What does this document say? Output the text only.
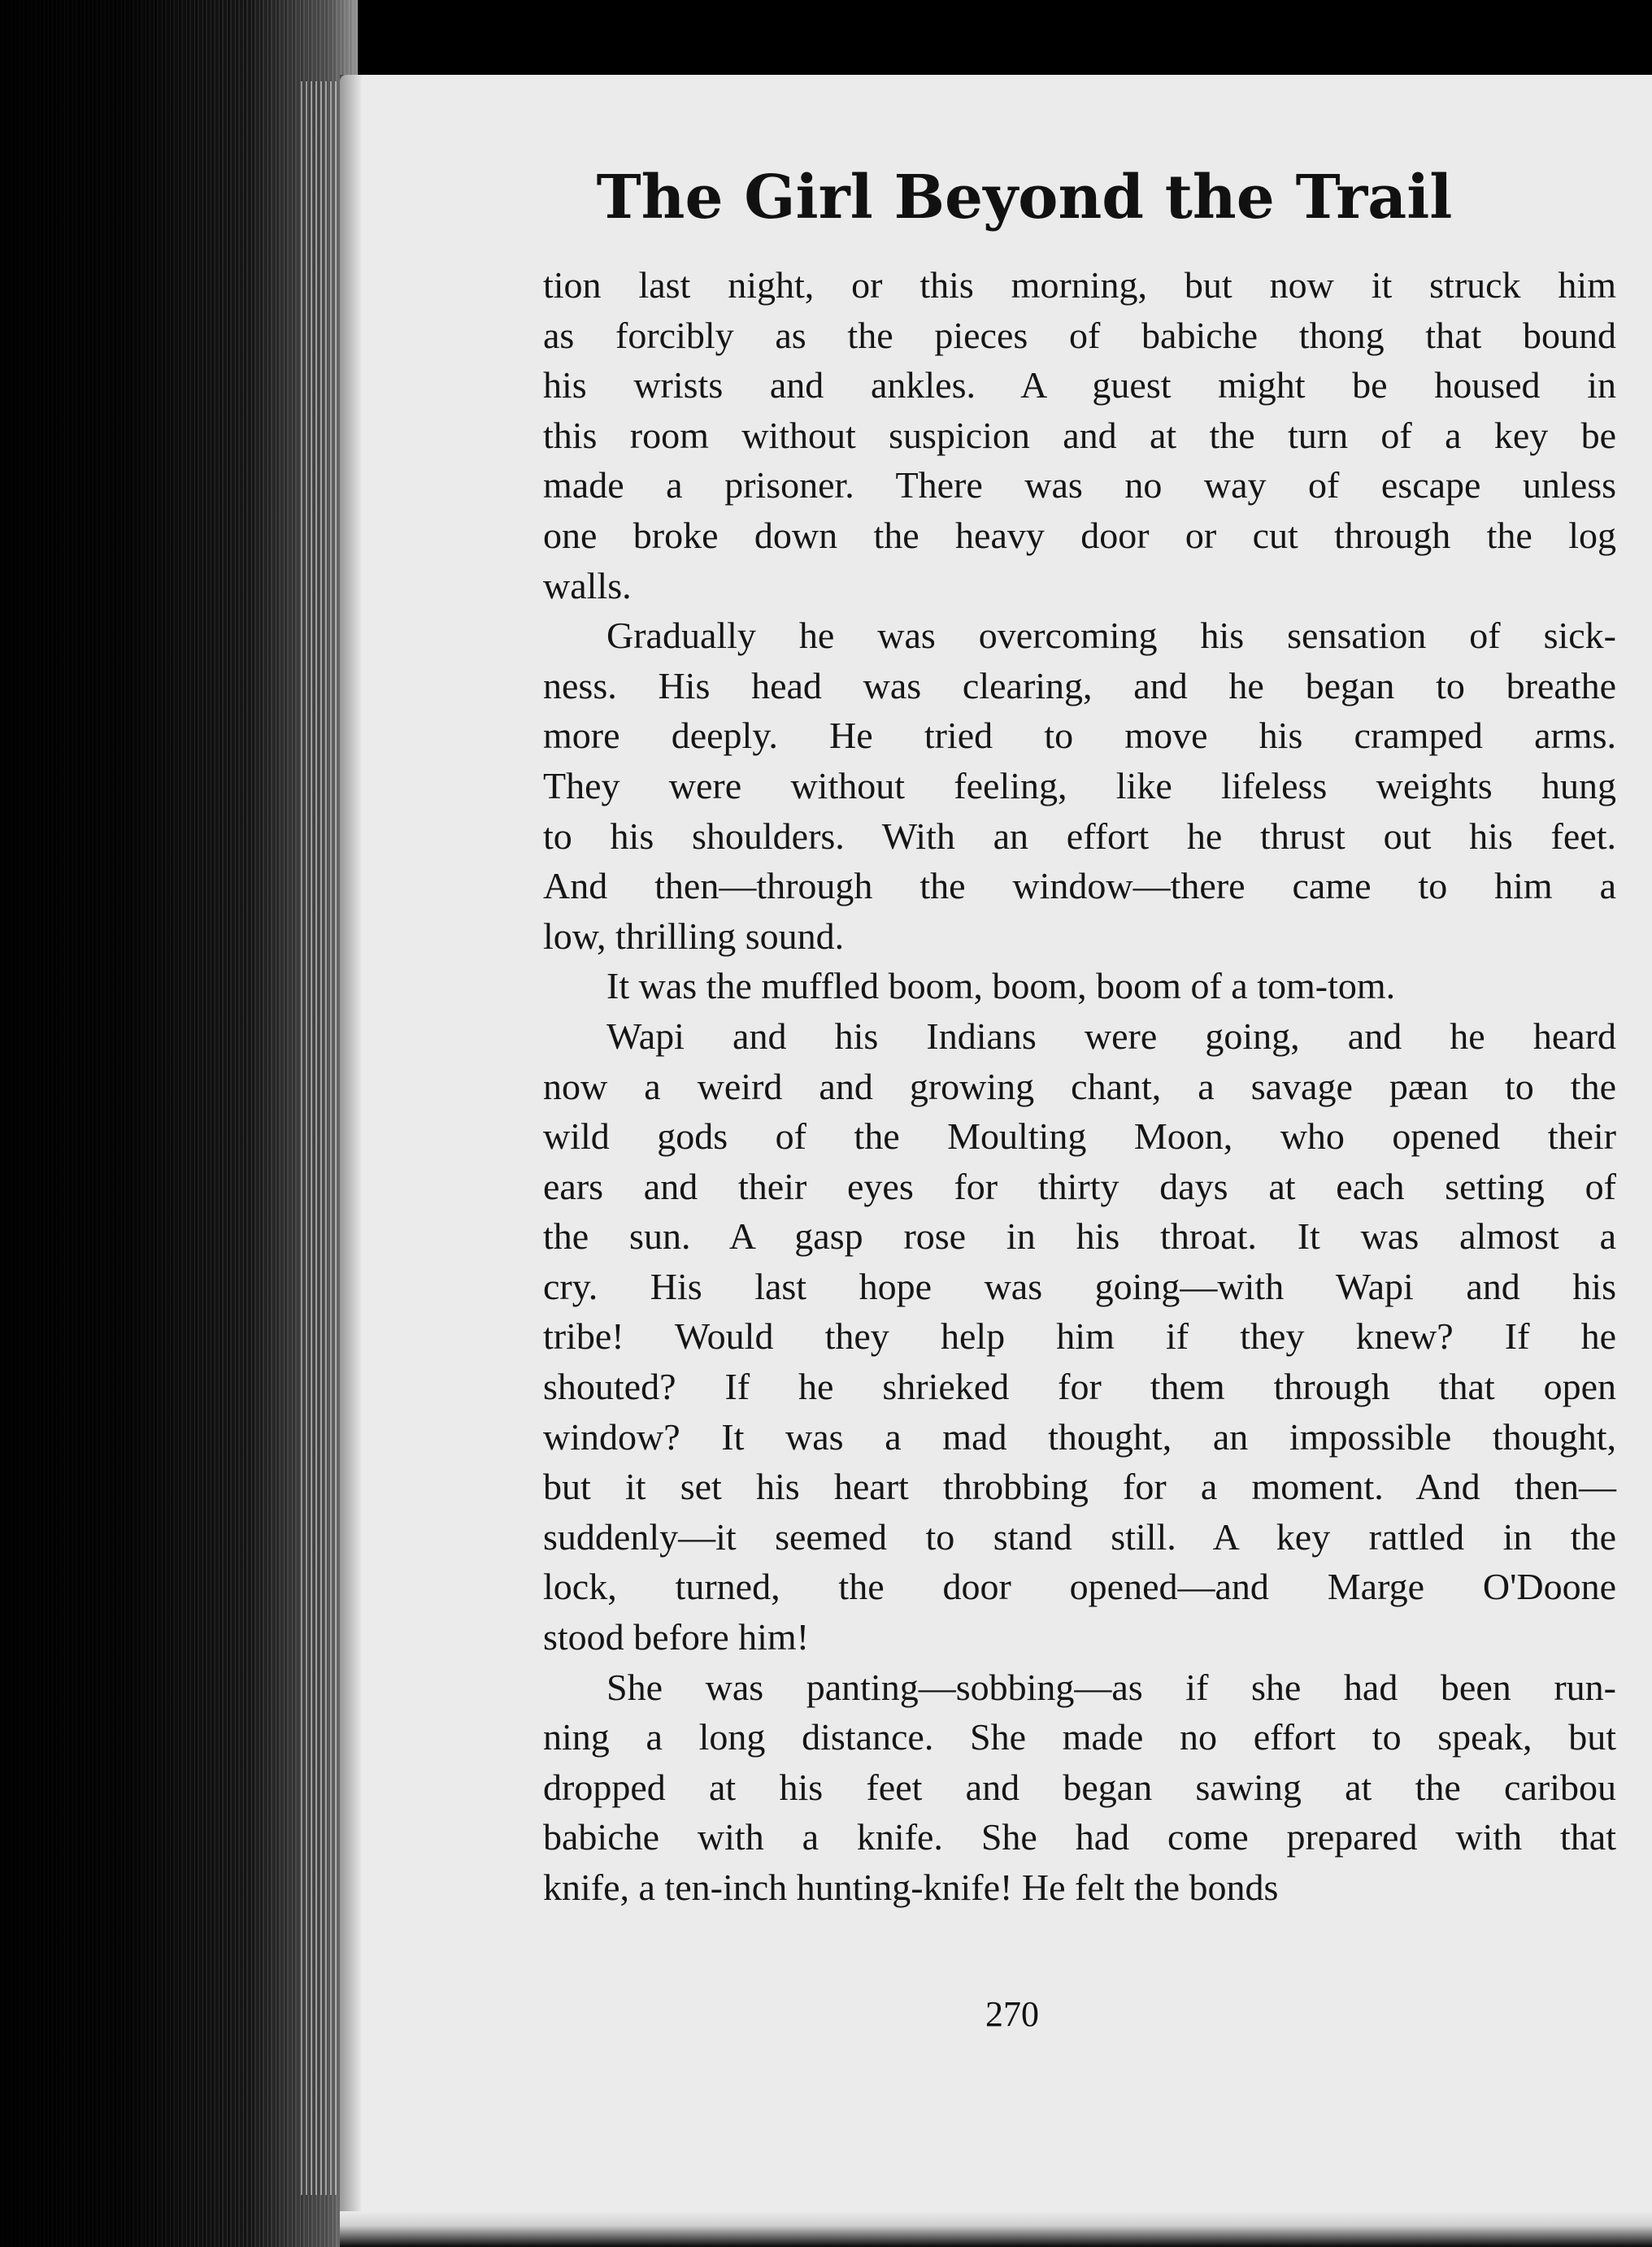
The Girl Beyond the Trail

tion last night, or this morning, but now it struck him
as forcibly as the pieces of babiche thong that bound
his wrists and ankles. A guest might be housed in
this room without suspicion and at the turn of a key be
made a prisoner. There was no way of escape unless
one broke down the heavy door or cut through the log
walls.

Gradually he was overcoming his sensation of sick-
ness. His head was clearing, and he began to breathe
more deeply. He tried to move his cramped arms.
They were without feeling, like lifeless weights hung
to his shoulders. With an effort he thrust out his feet.
And then—through the window—there came to him a
low, thrilling sound.

It was the muffled boom, boom, boom of a tom-tom.

Wapi and his Indians were going, and he heard
now a weird and growing chant, a savage pæan to the
wild gods of the Moulting Moon, who opened their
ears and their eyes for thirty days at each setting of
the sun. A gasp rose in his throat. It was almost a
cry. His last hope was going—with Wapi and his
tribe! Would they help him if they knew? If he
shouted? If he shrieked for them through that open
window? It was a mad thought, an impossible thought,
but it set his heart throbbing for a moment. And then—
suddenly—it seemed to stand still. A key rattled in the
lock, turned, the door opened—and Marge O'Doone
stood before him!

She was panting—sobbing—as if she had been run-
ning a long distance. She made no effort to speak, but
dropped at his feet and began sawing at the caribou
babiche with a knife. She had come prepared with that
knife, a ten-inch hunting-knife! He felt the bonds

270
